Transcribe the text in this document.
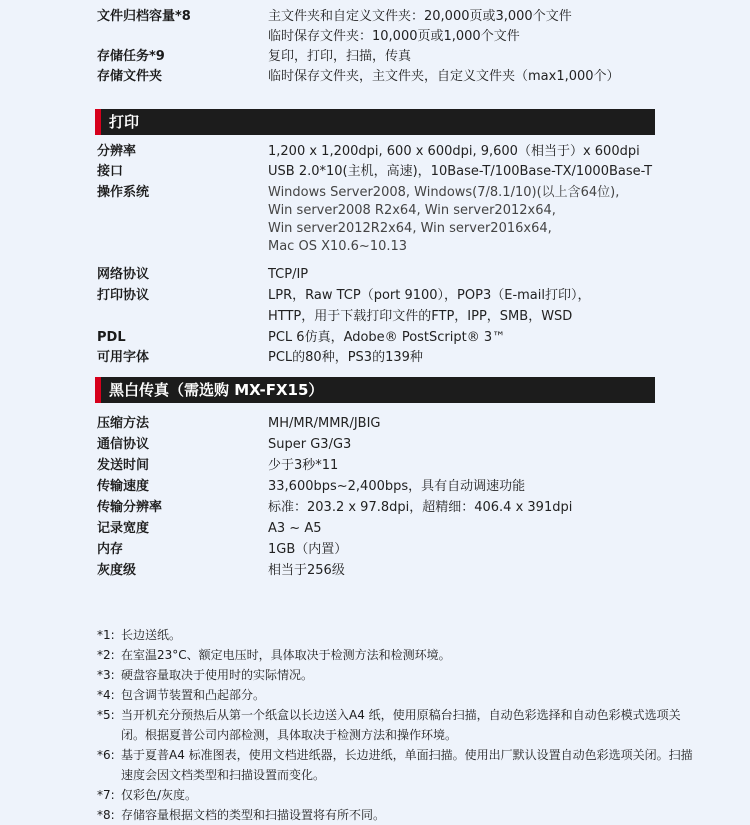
文件归档容量*8	主文件夹和自定义文件夹：20,000页或3,000个文件
临时保存文件夹：10,000页或1,000个文件
存储任务*9	复印，打印，扫描，传真
存储文件夹	临时保存文件夹，主文件夹，自定义文件夹（max1,000个）
打印
分辨率	1,200 x 1,200dpi, 600 x 600dpi, 9,600（相当于）x 600dpi
接口	USB 2.0*10(主机，高速)，10Base-T/100Base-TX/1000Base-T
操作系统	Windows Server2008, Windows(7/8.1/10)(以上含64位),
Win server2008 R2x64, Win server2012x64,
Win server2012R2x64, Win server2016x64,
Mac OS X10.6~10.13
网络协议	TCP/IP
打印协议	LPR，Raw TCP（port 9100），POP3（E-mail打印），
HTTP，用于下载打印文件的FTP，IPP，SMB，WSD
PDL	PCL 6仿真，Adobe® PostScript® 3™
可用字体	PCL的80种，PS3的139种
黑白传真（需选购 MX-FX15）
压缩方法	MH/MR/MMR/JBIG
通信协议	Super G3/G3
发送时间	少于3秒*11
传输速度	33,600bps~2,400bps，具有自动调速功能
传输分辨率	标准：203.2 x 97.8dpi，超精细：406.4 x 391dpi
记录宽度	A3 ~ A5
内存	1GB（内置）
灰度级	相当于256级
*1: 长边送纸。
*2: 在室温23°C、额定电压时，具体取决于检测方法和检测环境。
*3: 硬盘容量取决于使用时的实际情况。
*4: 包含调节装置和凸起部分。
*5: 当开机充分预热后从第一个纸盒以长边送入A4 纸，使用原稿台扫描，自动色彩选择和自动色彩模式选项关闭。根据夏普公司内部检测，具体取决于检测方法和操作环境。
*6: 基于夏普A4 标准图表，使用文档进纸器，长边进纸，单面扫描。使用出厂默认设置自动色彩选项关闭。扫描速度会因文档类型和扫描设置而变化。
*7: 仅彩色/灰度。
*8: 存储容量根据文档的类型和扫描设置将有所不同。
